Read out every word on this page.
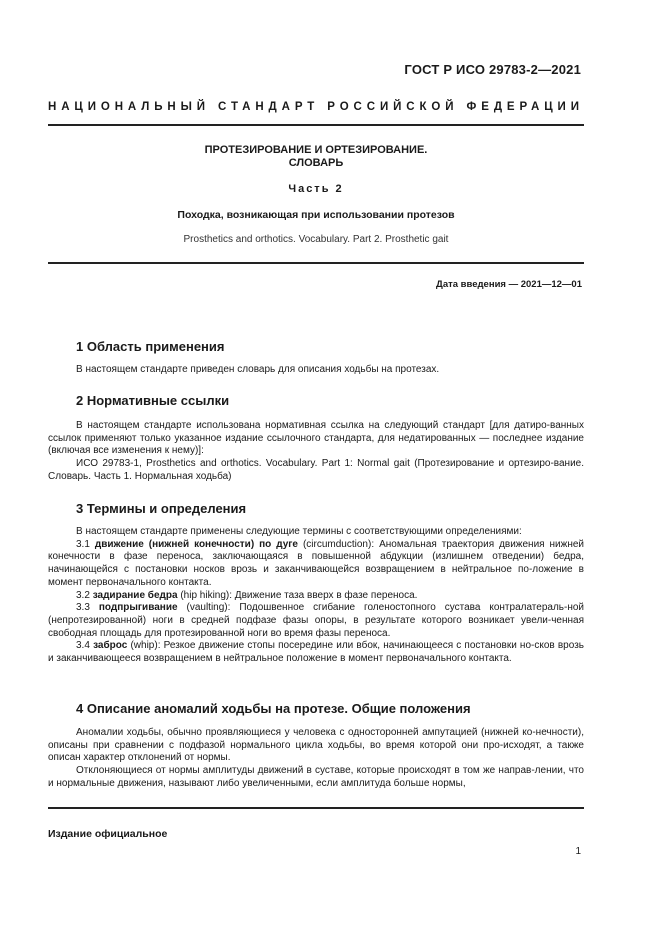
ГОСТ Р ИСО 29783-2—2021
НАЦИОНАЛЬНЫЙ СТАНДАРТ РОССИЙСКОЙ ФЕДЕРАЦИИ
ПРОТЕЗИРОВАНИЕ И ОРТЕЗИРОВАНИЕ.
СЛОВАРЬ
Часть 2
Походка, возникающая при использовании протезов
Prosthetics and orthotics. Vocabulary. Part 2. Prosthetic gait
Дата введения — 2021—12—01
1 Область применения

В настоящем стандарте приведен словарь для описания ходьбы на протезах.

2 Нормативные ссылки

В настоящем стандарте использована нормативная ссылка на следующий стандарт [для датиро-ванных ссылок применяют только указанное издание ссылочного стандарта, для недатированных — последнее издание (включая все изменения к нему)]:

ИСО 29783-1, Prosthetics and orthotics. Vocabulary. Part 1: Normal gait (Протезирование и ортезиро-вание. Словарь. Часть 1. Нормальная ходьба)

3 Термины и определения

В настоящем стандарте применены следующие термины с соответствующими определениями:

3.1 движение (нижней конечности) по дуге (circumduction): Аномальная траектория движения нижней конечности в фазе переноса, заключающаяся в повышенной абдукции (излишнем отведении) бедра, начинающейся с постановки носков врозь и заканчивающейся возвращением в нейтральное по-ложение в момент первоначального контакта.

3.2 задирание бедра (hip hiking): Движение таза вверх в фазе переноса.

3.3 подпрыгивание (vaulting): Подошвенное сгибание голеностопного сустава контралатераль-ной (непротезированной) ноги в средней подфазе фазы опоры, в результате которого возникает увели-ченная свободная площадь для протезированной ноги во время фазы переноса.

3.4 заброс (whip): Резкое движение стопы посередине или вбок, начинающееся с постановки но-сков врозь и заканчивающееся возвращением в нейтральное положение в момент первоначального контакта.

4 Описание аномалий ходьбы на протезе. Общие положения

Аномалии ходьбы, обычно проявляющиеся у человека с односторонней ампутацией (нижней ко-нечности), описаны при сравнении с подфазой нормального цикла ходьбы, во время которой они про-исходят, а также описан характер отклонений от нормы.

Отклоняющиеся от нормы амплитуды движений в суставе, которые происходят в том же направ-лении, что и нормальные движения, называют либо увеличенными, если амплитуда больше нормы,

Издание официальное
1
